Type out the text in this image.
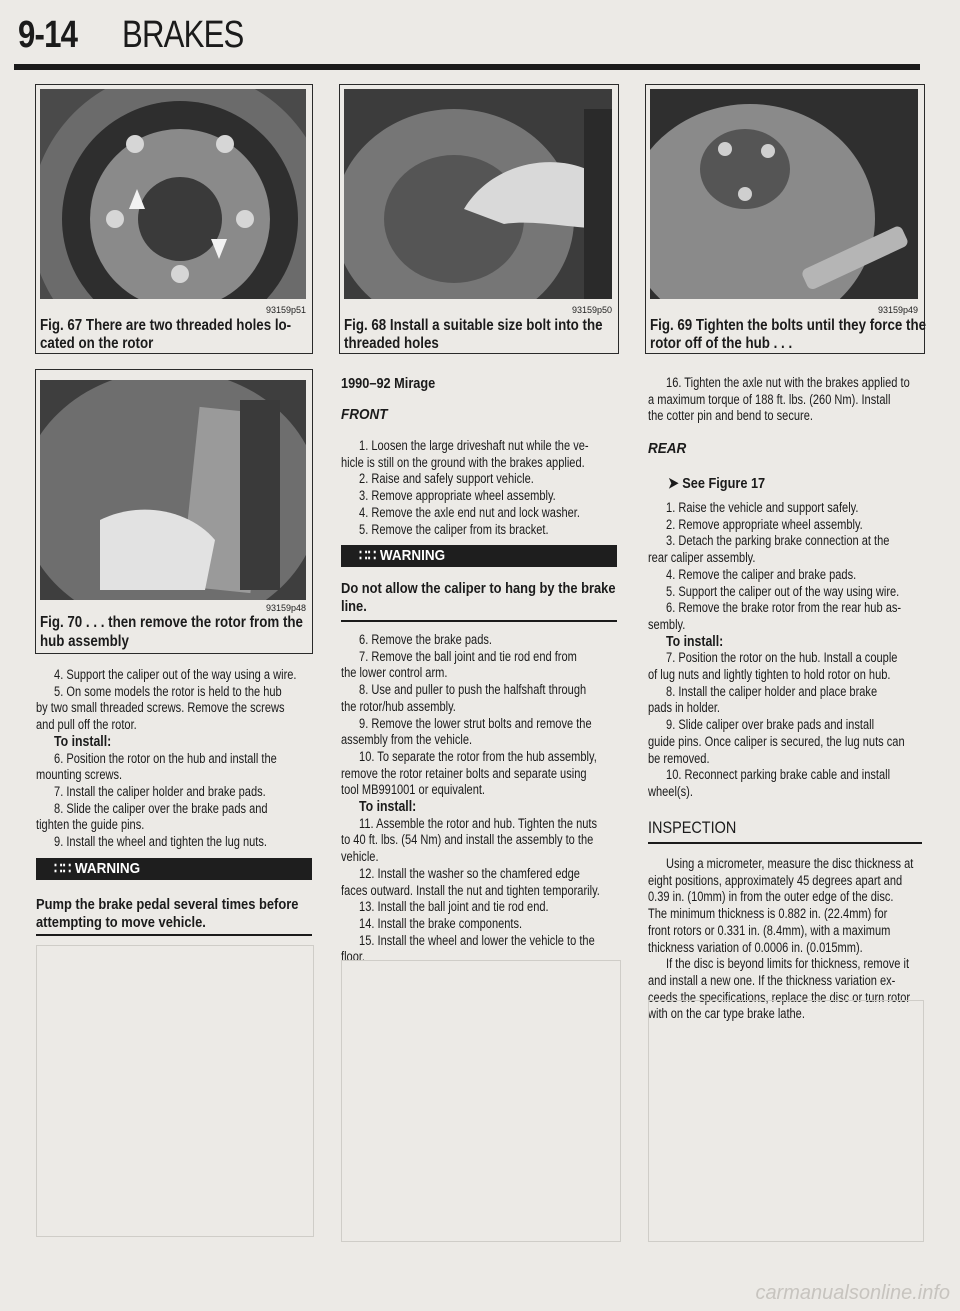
9-14 BRAKES
93159p51
Fig. 67 There are two threaded holes lo-
cated on the rotor
93159p50
Fig. 68 Install a suitable size bolt into the
threaded holes
93159p49
Fig. 69 Tighten the bolts until they force the
rotor off of the hub . . .
93159p48
Fig. 70 . . . then remove the rotor from the
hub assembly

4. Support the caliper out of the way using a wire.

5. On some models the rotor is held to the hub

by two small threaded screws. Remove the screws

and pull off the rotor.

To install:

6. Position the rotor on the hub and install the

mounting screws.

7. Install the caliper holder and brake pads.

8. Slide the caliper over the brake pads and

tighten the guide pins.

9. Install the wheel and tighten the lug nuts.

∷∷ WARNING
Pump the brake pedal several times before
attempting to move vehicle.
1990–92 Mirage
FRONT

1. Loosen the large driveshaft nut while the ve-

hicle is still on the ground with the brakes applied.

2. Raise and safely support vehicle.

3. Remove appropriate wheel assembly.

4. Remove the axle end nut and lock washer.

5. Remove the caliper from its bracket.

∷∷ WARNING
Do not allow the caliper to hang by the brake
line.

6. Remove the brake pads.

7. Remove the ball joint and tie rod end from

the lower control arm.

8. Use and puller to push the halfshaft through

the rotor/hub assembly.

9. Remove the lower strut bolts and remove the

assembly from the vehicle.

10. To separate the rotor from the hub assembly,

remove the rotor retainer bolts and separate using

tool MB991001 or equivalent.

To install:

11. Assemble the rotor and hub. Tighten the nuts

to 40 ft. lbs. (54 Nm) and install the assembly to the

vehicle.

12. Install the washer so the chamfered edge

faces outward. Install the nut and tighten temporarily.

13. Install the ball joint and tie rod end.

14. Install the brake components.

15. Install the wheel and lower the vehicle to the

floor.

16. Tighten the axle nut with the brakes applied to

a maximum torque of 188 ft. lbs. (260 Nm). Install

the cotter pin and bend to secure.

REAR
➤ See Figure 17

1. Raise the vehicle and support safely.

2. Remove appropriate wheel assembly.

3. Detach the parking brake connection at the

rear caliper assembly.

4. Remove the caliper and brake pads.

5. Support the caliper out of the way using wire.

6. Remove the brake rotor from the rear hub as-

sembly.

To install:

7. Position the rotor on the hub. Install a couple

of lug nuts and lightly tighten to hold rotor on hub.

8. Install the caliper holder and place brake

pads in holder.

9. Slide caliper over brake pads and install

guide pins. Once caliper is secured, the lug nuts can

be removed.

10. Reconnect parking brake cable and install

wheel(s).

INSPECTION

Using a micrometer, measure the disc thickness at

eight positions, approximately 45 degrees apart and

0.39 in. (10mm) in from the outer edge of the disc.

The minimum thickness is 0.882 in. (22.4mm) for

front rotors or 0.331 in. (8.4mm), with a maximum

thickness variation of 0.0006 in. (0.015mm).

If the disc is beyond limits for thickness, remove it

and install a new one. If the thickness variation ex-

ceeds the specifications, replace the disc or turn rotor

with on the car type brake lathe.

carmanualsonline.info
